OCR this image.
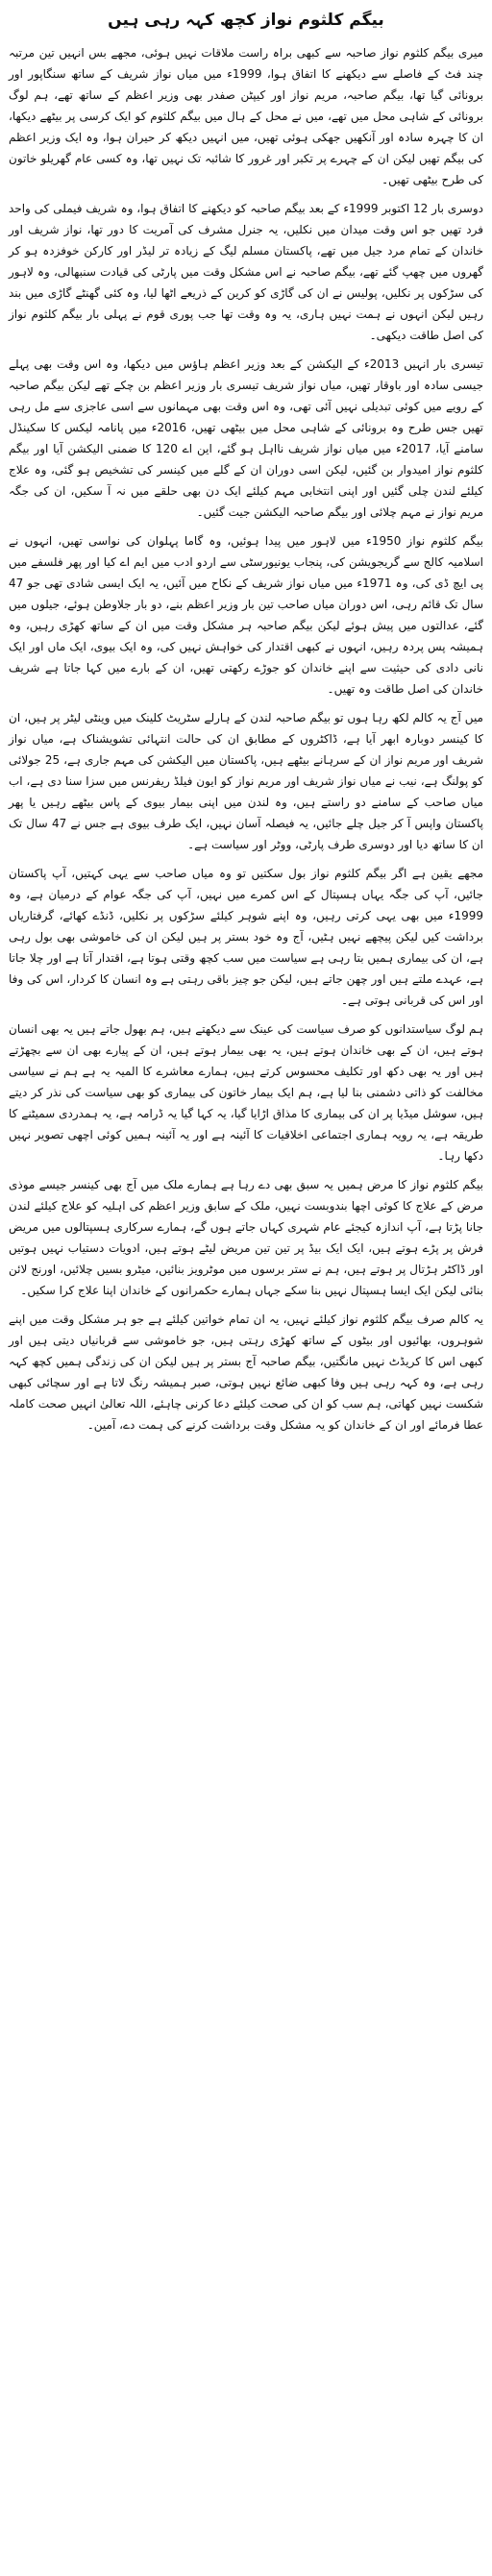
بیگم کلثوم نواز کچھ کہہ رہی ہیں

میری بیگم کلثوم نواز صاحبہ سے کبھی براہ راست ملاقات نہیں ہوئی، مجھے بس انہیں تین مرتبہ چند فٹ کے فاصلے سے دیکھنے کا اتفاق ہوا، 1999ء میں میاں نواز شریف کے ساتھ سنگاپور اور برونائی گیا تھا، بیگم صاحبہ، مریم نواز اور کیپٹن صفدر بھی وزیر اعظم کے ساتھ تھے، ہم لوگ برونائی کے شاہی محل میں تھے، میں نے محل کے ہال میں بیگم کلثوم کو ایک کرسی پر بیٹھے دیکھا، ان کا چہرہ سادہ اور آنکھیں جھکی ہوئی تھیں، میں انہیں دیکھ کر حیران ہوا، وہ ایک وزیر اعظم کی بیگم تھیں لیکن ان کے چہرے پر تکبر اور غرور کا شائبہ تک نہیں تھا، وہ کسی عام گھریلو خاتون کی طرح بیٹھی تھیں۔

دوسری بار 12 اکتوبر 1999ء کے بعد بیگم صاحبہ کو دیکھنے کا اتفاق ہوا، وہ شریف فیملی کی واحد فرد تھیں جو اس وقت میدان میں نکلیں، یہ جنرل مشرف کی آمریت کا دور تھا، نواز شریف اور خاندان کے تمام مرد جیل میں تھے، پاکستان مسلم لیگ کے زیادہ تر لیڈر اور کارکن خوفزدہ ہو کر گھروں میں چھپ گئے تھے، بیگم صاحبہ نے اس مشکل وقت میں پارٹی کی قیادت سنبھالی، وہ لاہور کی سڑکوں پر نکلیں، پولیس نے ان کی گاڑی کو کرین کے ذریعے اٹھا لیا، وہ کئی گھنٹے گاڑی میں بند رہیں لیکن انہوں نے ہمت نہیں ہاری، یہ وہ وقت تھا جب پوری قوم نے پہلی بار بیگم کلثوم نواز کی اصل طاقت دیکھی۔

تیسری بار انہیں 2013ء کے الیکشن کے بعد وزیر اعظم ہاؤس میں دیکھا، وہ اس وقت بھی پہلے جیسی سادہ اور باوقار تھیں، میاں نواز شریف تیسری بار وزیر اعظم بن چکے تھے لیکن بیگم صاحبہ کے رویے میں کوئی تبدیلی نہیں آئی تھی، وہ اس وقت بھی مہمانوں سے اسی عاجزی سے مل رہی تھیں جس طرح وہ برونائی کے شاہی محل میں بیٹھی تھیں، 2016ء میں پانامہ لیکس کا سکینڈل سامنے آیا، 2017ء میں میاں نواز شریف نااہل ہو گئے، این اے 120 کا ضمنی الیکشن آیا اور بیگم کلثوم نواز امیدوار بن گئیں، لیکن اسی دوران ان کے گلے میں کینسر کی تشخیص ہو گئی، وہ علاج کیلئے لندن چلی گئیں اور اپنی انتخابی مہم کیلئے ایک دن بھی حلقے میں نہ آ سکیں، ان کی جگہ مریم نواز نے مہم چلائی اور بیگم صاحبہ الیکشن جیت گئیں۔

بیگم کلثوم نواز 1950ء میں لاہور میں پیدا ہوئیں، وہ گاما پہلوان کی نواسی تھیں، انہوں نے اسلامیہ کالج سے گریجویشن کی، پنجاب یونیورسٹی سے اردو ادب میں ایم اے کیا اور پھر فلسفے میں پی ایچ ڈی کی، وہ 1971ء میں میاں نواز شریف کے نکاح میں آئیں، یہ ایک ایسی شادی تھی جو 47 سال تک قائم رہی، اس دوران میاں صاحب تین بار وزیر اعظم بنے، دو بار جلاوطن ہوئے، جیلوں میں گئے، عدالتوں میں پیش ہوئے لیکن بیگم صاحبہ ہر مشکل وقت میں ان کے ساتھ کھڑی رہیں، وہ ہمیشہ پس پردہ رہیں، انہوں نے کبھی اقتدار کی خواہش نہیں کی، وہ ایک بیوی، ایک ماں اور ایک نانی دادی کی حیثیت سے اپنے خاندان کو جوڑے رکھتی تھیں، ان کے بارے میں کہا جاتا ہے شریف خاندان کی اصل طاقت وہ تھیں۔

میں آج یہ کالم لکھ رہا ہوں تو بیگم صاحبہ لندن کے ہارلے سٹریٹ کلینک میں وینٹی لیٹر پر ہیں، ان کا کینسر دوبارہ ابھر آیا ہے، ڈاکٹروں کے مطابق ان کی حالت انتہائی تشویشناک ہے، میاں نواز شریف اور مریم نواز ان کے سرہانے بیٹھے ہیں، پاکستان میں الیکشن کی مہم جاری ہے، 25 جولائی کو پولنگ ہے، نیب نے میاں نواز شریف اور مریم نواز کو ایون فیلڈ ریفرنس میں سزا سنا دی ہے، اب میاں صاحب کے سامنے دو راستے ہیں، وہ لندن میں اپنی بیمار بیوی کے پاس بیٹھے رہیں یا پھر پاکستان واپس آ کر جیل چلے جائیں، یہ فیصلہ آسان نہیں، ایک طرف بیوی ہے جس نے 47 سال تک ان کا ساتھ دیا اور دوسری طرف پارٹی، ووٹر اور سیاست ہے۔

مجھے یقین ہے اگر بیگم کلثوم نواز بول سکتیں تو وہ میاں صاحب سے یہی کہتیں، آپ پاکستان جائیں، آپ کی جگہ یہاں ہسپتال کے اس کمرے میں نہیں، آپ کی جگہ عوام کے درمیان ہے، وہ 1999ء میں بھی یہی کرتی رہیں، وہ اپنے شوہر کیلئے سڑکوں پر نکلیں، ڈنڈے کھائے، گرفتاریاں برداشت کیں لیکن پیچھے نہیں ہٹیں، آج وہ خود بستر پر ہیں لیکن ان کی خاموشی بھی بول رہی ہے، ان کی بیماری ہمیں بتا رہی ہے سیاست میں سب کچھ وقتی ہوتا ہے، اقتدار آتا ہے اور چلا جاتا ہے، عہدے ملتے ہیں اور چھن جاتے ہیں، لیکن جو چیز باقی رہتی ہے وہ انسان کا کردار، اس کی وفا اور اس کی قربانی ہوتی ہے۔

ہم لوگ سیاستدانوں کو صرف سیاست کی عینک سے دیکھتے ہیں، ہم بھول جاتے ہیں یہ بھی انسان ہوتے ہیں، ان کے بھی خاندان ہوتے ہیں، یہ بھی بیمار ہوتے ہیں، ان کے پیارے بھی ان سے بچھڑتے ہیں اور یہ بھی دکھ اور تکلیف محسوس کرتے ہیں، ہمارے معاشرے کا المیہ یہ ہے ہم نے سیاسی مخالفت کو ذاتی دشمنی بنا لیا ہے، ہم ایک بیمار خاتون کی بیماری کو بھی سیاست کی نذر کر دیتے ہیں، سوشل میڈیا پر ان کی بیماری کا مذاق اڑایا گیا، یہ کہا گیا یہ ڈرامہ ہے، یہ ہمدردی سمیٹنے کا طریقہ ہے، یہ رویہ ہماری اجتماعی اخلاقیات کا آئینہ ہے اور یہ آئینہ ہمیں کوئی اچھی تصویر نہیں دکھا رہا۔

بیگم کلثوم نواز کا مرض ہمیں یہ سبق بھی دے رہا ہے ہمارے ملک میں آج بھی کینسر جیسے موذی مرض کے علاج کا کوئی اچھا بندوبست نہیں، ملک کے سابق وزیر اعظم کی اہلیہ کو علاج کیلئے لندن جانا پڑتا ہے، آپ اندازہ کیجئے عام شہری کہاں جاتے ہوں گے، ہمارے سرکاری ہسپتالوں میں مریض فرش پر پڑے ہوتے ہیں، ایک ایک بیڈ پر تین تین مریض لیٹے ہوتے ہیں، ادویات دستیاب نہیں ہوتیں اور ڈاکٹر ہڑتال پر ہوتے ہیں، ہم نے ستر برسوں میں موٹرویز بنائیں، میٹرو بسیں چلائیں، اورنج لائن بنائی لیکن ایک ایسا ہسپتال نہیں بنا سکے جہاں ہمارے حکمرانوں کے خاندان اپنا علاج کرا سکیں۔

یہ کالم صرف بیگم کلثوم نواز کیلئے نہیں، یہ ان تمام خواتین کیلئے ہے جو ہر مشکل وقت میں اپنے شوہروں، بھائیوں اور بیٹوں کے ساتھ کھڑی رہتی ہیں، جو خاموشی سے قربانیاں دیتی ہیں اور کبھی اس کا کریڈٹ نہیں مانگتیں، بیگم صاحبہ آج بستر پر ہیں لیکن ان کی زندگی ہمیں کچھ کہہ رہی ہے، وہ کہہ رہی ہیں وفا کبھی ضائع نہیں ہوتی، صبر ہمیشہ رنگ لاتا ہے اور سچائی کبھی شکست نہیں کھاتی، ہم سب کو ان کی صحت کیلئے دعا کرنی چاہئے، اللہ تعالیٰ انہیں صحت کاملہ عطا فرمائے اور ان کے خاندان کو یہ مشکل وقت برداشت کرنے کی ہمت دے، آمین۔
